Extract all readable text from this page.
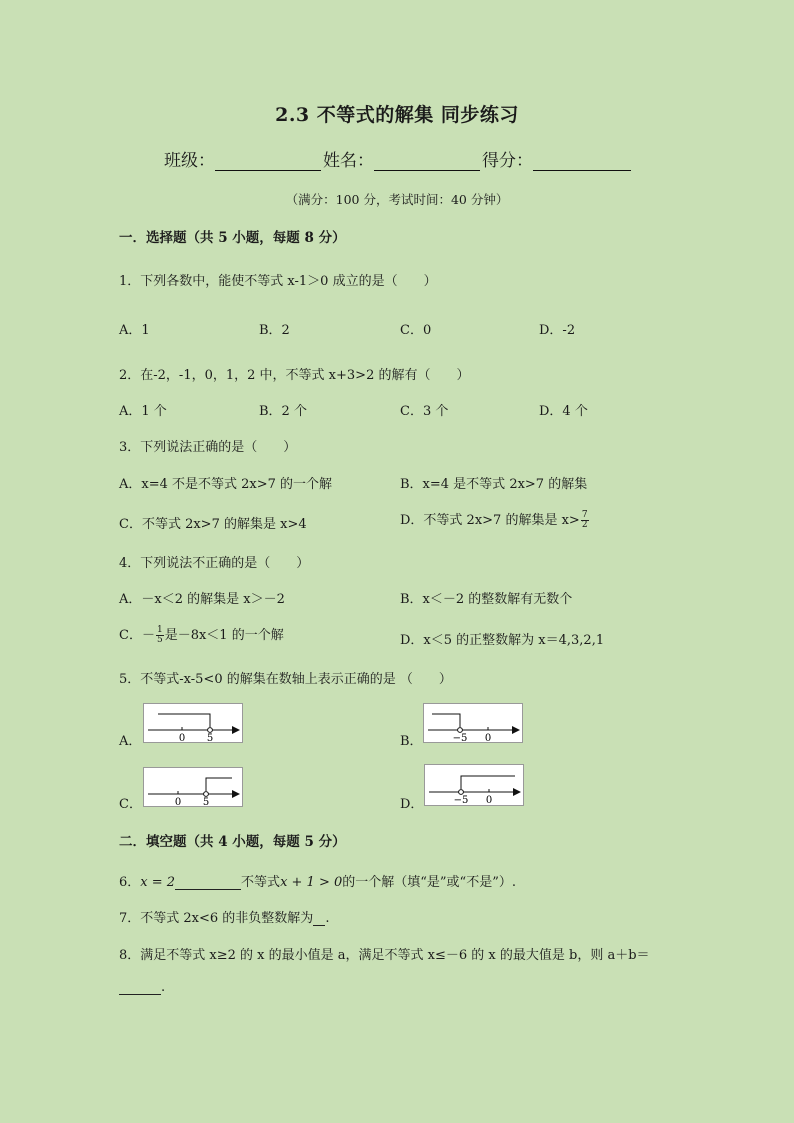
2.3 不等式的解集 同步练习
班级：	姓名：	得分：
（满分：100 分，考试时间：40 分钟）
一．选择题（共 5 小题，每题 8 分）
1．下列各数中，能使不等式 x-1＞0 成立的是（　　）
A．1	B．2	C．0	D．-2
2．在-2，-1，0，1，2 中，不等式 x+3>2 的解有（　　）
A．1 个	B．2 个	C．3 个	D．4 个
3．下列说法正确的是（　　）
A．x=4 不是不等式 2x>7 的一个解	B．x=4 是不等式 2x>7 的解集
C．不等式 2x>7 的解集是 x>4	D．不等式 2x>7 的解集是 $x> \frac{7}{2}$
4．下列说法不正确的是（　　）
A．－x＜2 的解集是 x＞－2	B．x＜－2 的整数解有无数个
C．－ $\frac{1}{5}$ 是－8x＜1 的一个解	D．x＜5 的正整数解为 x＝4,3,2,1
5．不等式-x-5<0 的解集在数轴上表示正确的是 （　　）
A．	0 5	B．	−5 0
C．	0 5	D．	−5 0
二．填空题（共 4 小题，每题 5 分）
6．x = 2	不等式x + 1 > 0的一个解（填“是”或“不是”）.
7．不等式 2x<6 的非负整数解为 .
8．满足不等式 x≥2 的 x 的最小值是 a，满足不等式 x≤－6 的 x 的最大值是 b，则 a＋b＝
.
